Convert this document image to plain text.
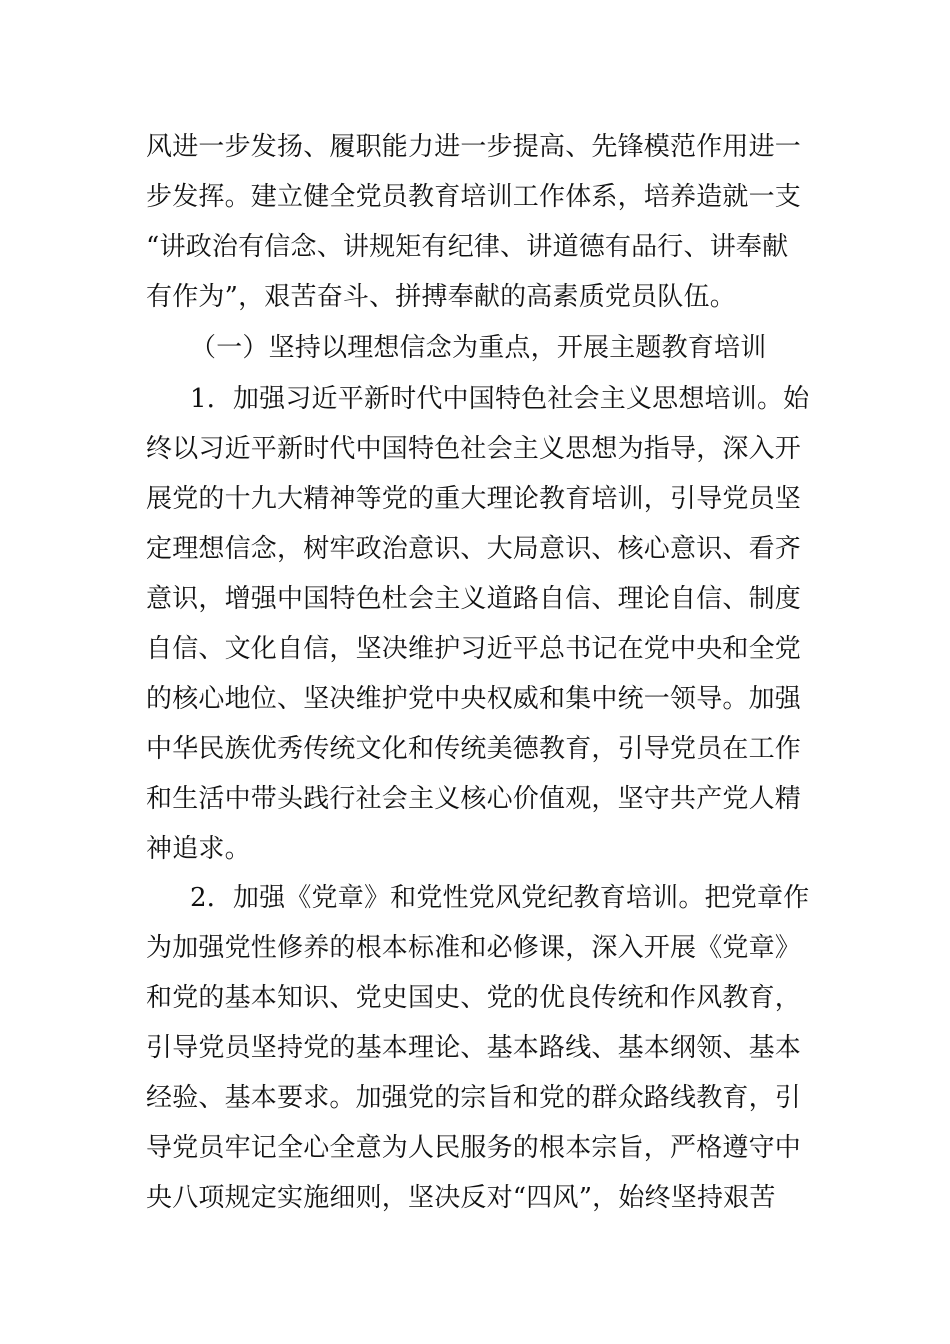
风进一步发扬、履职能力进一步提高、先锋模范作用进一
步发挥。建立健全党员教育培训工作体系，培养造就一支
“讲政治有信念、讲规矩有纪律、讲道德有品行、讲奉献
有作为”，艰苦奋斗、拼搏奉献的高素质党员队伍。
（一）坚持以理想信念为重点，开展主题教育培训
1．加强习近平新时代中国特色社会主义思想培训。始
终以习近平新时代中国特色社会主义思想为指导，深入开
展党的十九大精神等党的重大理论教育培训，引导党员坚
定理想信念，树牢政治意识、大局意识、核心意识、看齐
意识，增强中国特色杜会主义道路自信、理论自信、制度
自信、文化自信，坚决维护习近平总书记在党中央和全党
的核心地位、坚决维护党中央权威和集中统一领导。加强
中华民族优秀传统文化和传统美德教育，引导党员在工作
和生活中带头践行社会主义核心价值观，坚守共产党人精
神追求。
2．加强《党章》和党性党风党纪教育培训。把党章作
为加强党性修养的根本标准和必修课，深入开展《党章》
和党的基本知识、党史国史、党的优良传统和作风教育，
引导党员坚持党的基本理论、基本路线、基本纲领、基本
经验、基本要求。加强党的宗旨和党的群众路线教育，引
导党员牢记全心全意为人民服务的根本宗旨，严格遵守中
央八项规定实施细则，坚决反对“四风”，始终坚持艰苦
